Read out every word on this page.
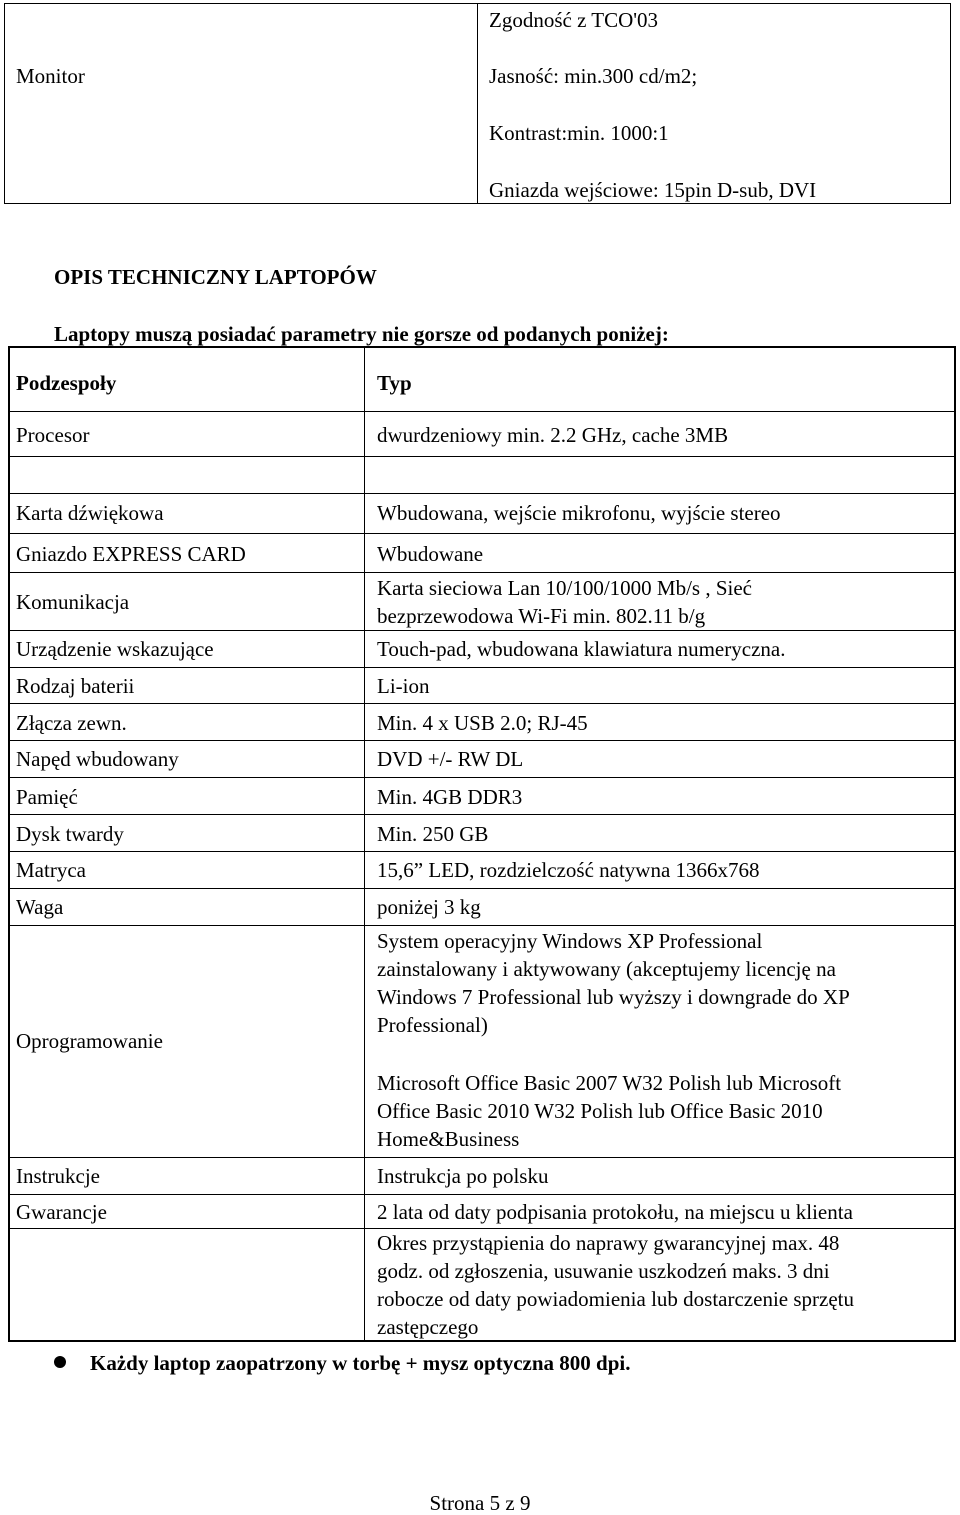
Monitor
Zgodność z TCO'03
Jasność: min.300 cd/m2;
Kontrast:min. 1000:1
Gniazda wejściowe: 15pin D-sub, DVI
OPIS TECHNICZNY LAPTOPÓW
Laptopy muszą posiadać parametry nie gorsze od podanych poniżej:
Podzespoły	Typ
Procesor
Karta dźwiękowa
Gniazdo EXPRESS CARD
Komunikacja
Urządzenie wskazujące
Rodzaj baterii
Złącza zewn.
Napęd wbudowany
Pamięć
Dysk twardy
Matryca
Waga
Oprogramowanie
Instrukcje
Gwarancje
dwurdzeniowy min. 2.2 GHz, cache 3MB
Wbudowana, wejście mikrofonu, wyjście stereo
Wbudowane
Karta sieciowa Lan 10/100/1000 Mb/s , Sieć
bezprzewodowa Wi-Fi min. 802.11 b/g
Touch-pad, wbudowana klawiatura numeryczna.
Li-ion
Min. 4 x USB 2.0; RJ-45
DVD +/- RW DL
Min. 4GB DDR3
Min. 250 GB
15,6” LED, rozdzielczość natywna 1366x768
poniżej 3 kg
System operacyjny Windows XP Professional
zainstalowany i aktywowany (akceptujemy licencję na
Windows 7 Professional lub wyższy i downgrade do XP
Professional)
Microsoft Office Basic 2007 W32 Polish lub Microsoft
Office Basic 2010 W32 Polish lub Office Basic 2010
Home&Business
Instrukcja po polsku
2 lata od daty podpisania protokołu, na miejscu u klienta
Okres przystąpienia do naprawy gwarancyjnej max. 48
godz. od zgłoszenia, usuwanie uszkodzeń maks. 3 dni
robocze od daty powiadomienia lub dostarczenie sprzętu
zastępczego
Każdy laptop zaopatrzony w torbę + mysz optyczna 800 dpi.
Strona 5 z 9
